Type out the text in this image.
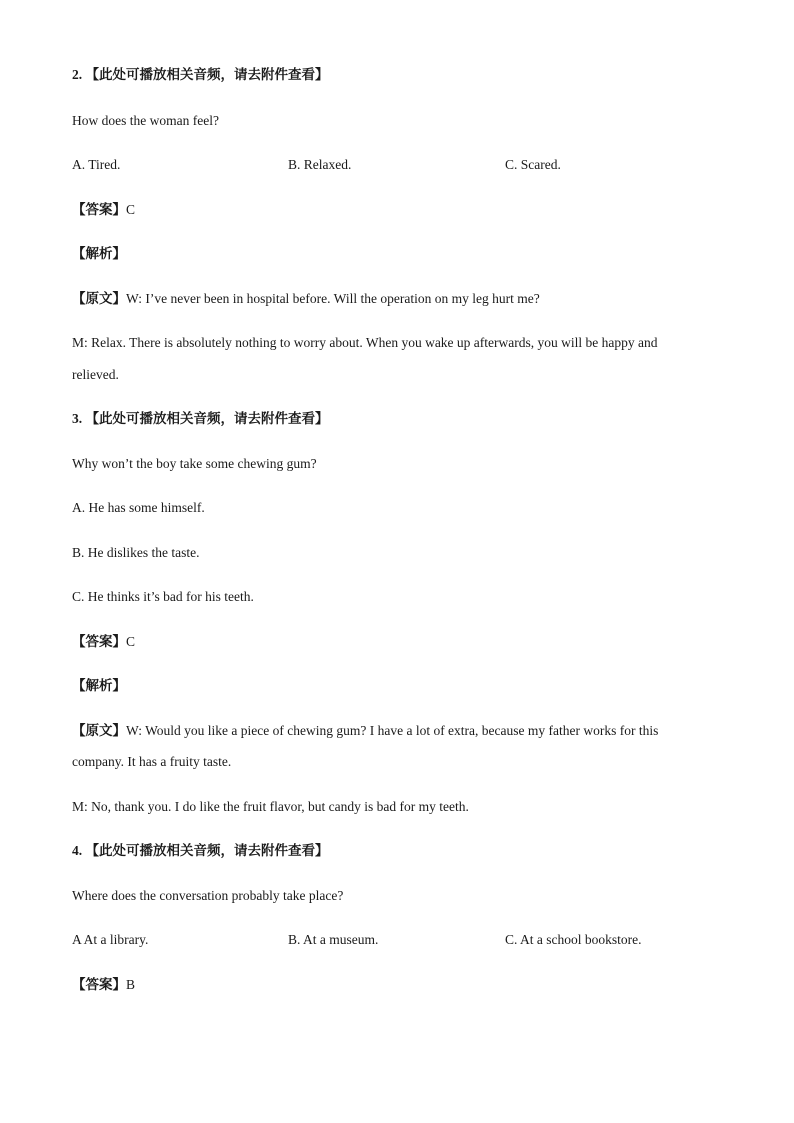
2. 【此处可播放相关音频，请去附件查看】
How does the woman feel?
A. Tired.	B. Relaxed.	C. Scared.
【答案】C
【解析】
【原文】W: I’ve never been in hospital before. Will the operation on my leg hurt me?
M: Relax. There is absolutely nothing to worry about. When you wake up afterwards, you will be happy and
relieved.
3. 【此处可播放相关音频，请去附件查看】
Why won’t the boy take some chewing gum?
A. He has some himself.
B. He dislikes the taste.
C. He thinks it’s bad for his teeth.
【答案】C
【解析】
【原文】W: Would you like a piece of chewing gum? I have a lot of extra, because my father works for this
company. It has a fruity taste.
M: No, thank you. I do like the fruit flavor, but candy is bad for my teeth.
4. 【此处可播放相关音频，请去附件查看】
Where does the conversation probably take place?
A At a library.	B. At a museum.	C. At a school bookstore.
【答案】B
